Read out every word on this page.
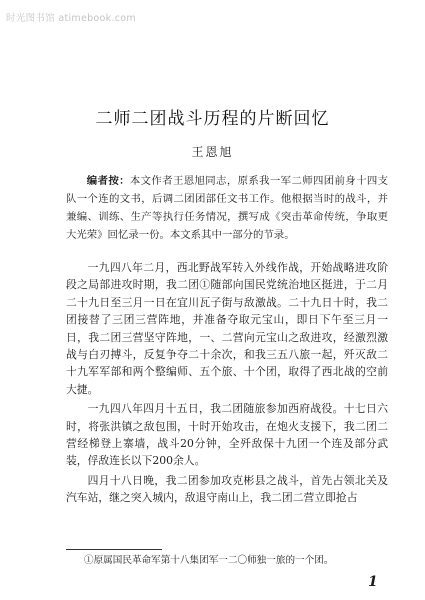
时光图书馆 atimebook.com
二师二团战斗历程的片断回忆
王恩旭

编者按：本文作者王恩旭同志，原系我一军二师四团前身十四支队一个连的文书，后调二团团部任文书工作。他根据当时的战斗，并兼编、训练、生产等执行任务情况，撰写成《突击革命传统，争取更大光荣》回忆录一份。本文系其中一部分的节录。

一九四八年二月，西北野战军转入外线作战，开始战略进攻阶段之局部进攻时期，我二团①随部向国民党统治地区挺进，于二月二十九日至三月一日在宜川瓦子街与敌激战。二十九日十时，我二团接替了三团三营阵地，并准备夺取元宝山，即日下午至三月一日，我二团三营坚守阵地，一、二营向元宝山之敌进攻，经激烈激战与白刃搏斗，反复争夺二十余次，和我三五八旅一起，歼灭敌二十九军军部和两个整编师、五个旅、十个团，取得了西北战的空前大捷。

一九四八年四月十五日，我二团随旅参加西府战役。十七日六时，将张洪镇之敌包围，十时开始攻击，在炮火支援下，我二团二营经梯登上寨墙，战斗20分钟，全歼敌保十九团一个连及部分武装，俘敌连长以下200余人。

四月十八日晚，我二团参加攻克彬县之战斗，首先占领北关及汽车站，继之突入城内，敌退守南山上，我二团二营立即抢占

①原属国民革命军第十八集团军一二〇师独一旅的一个团。
1
